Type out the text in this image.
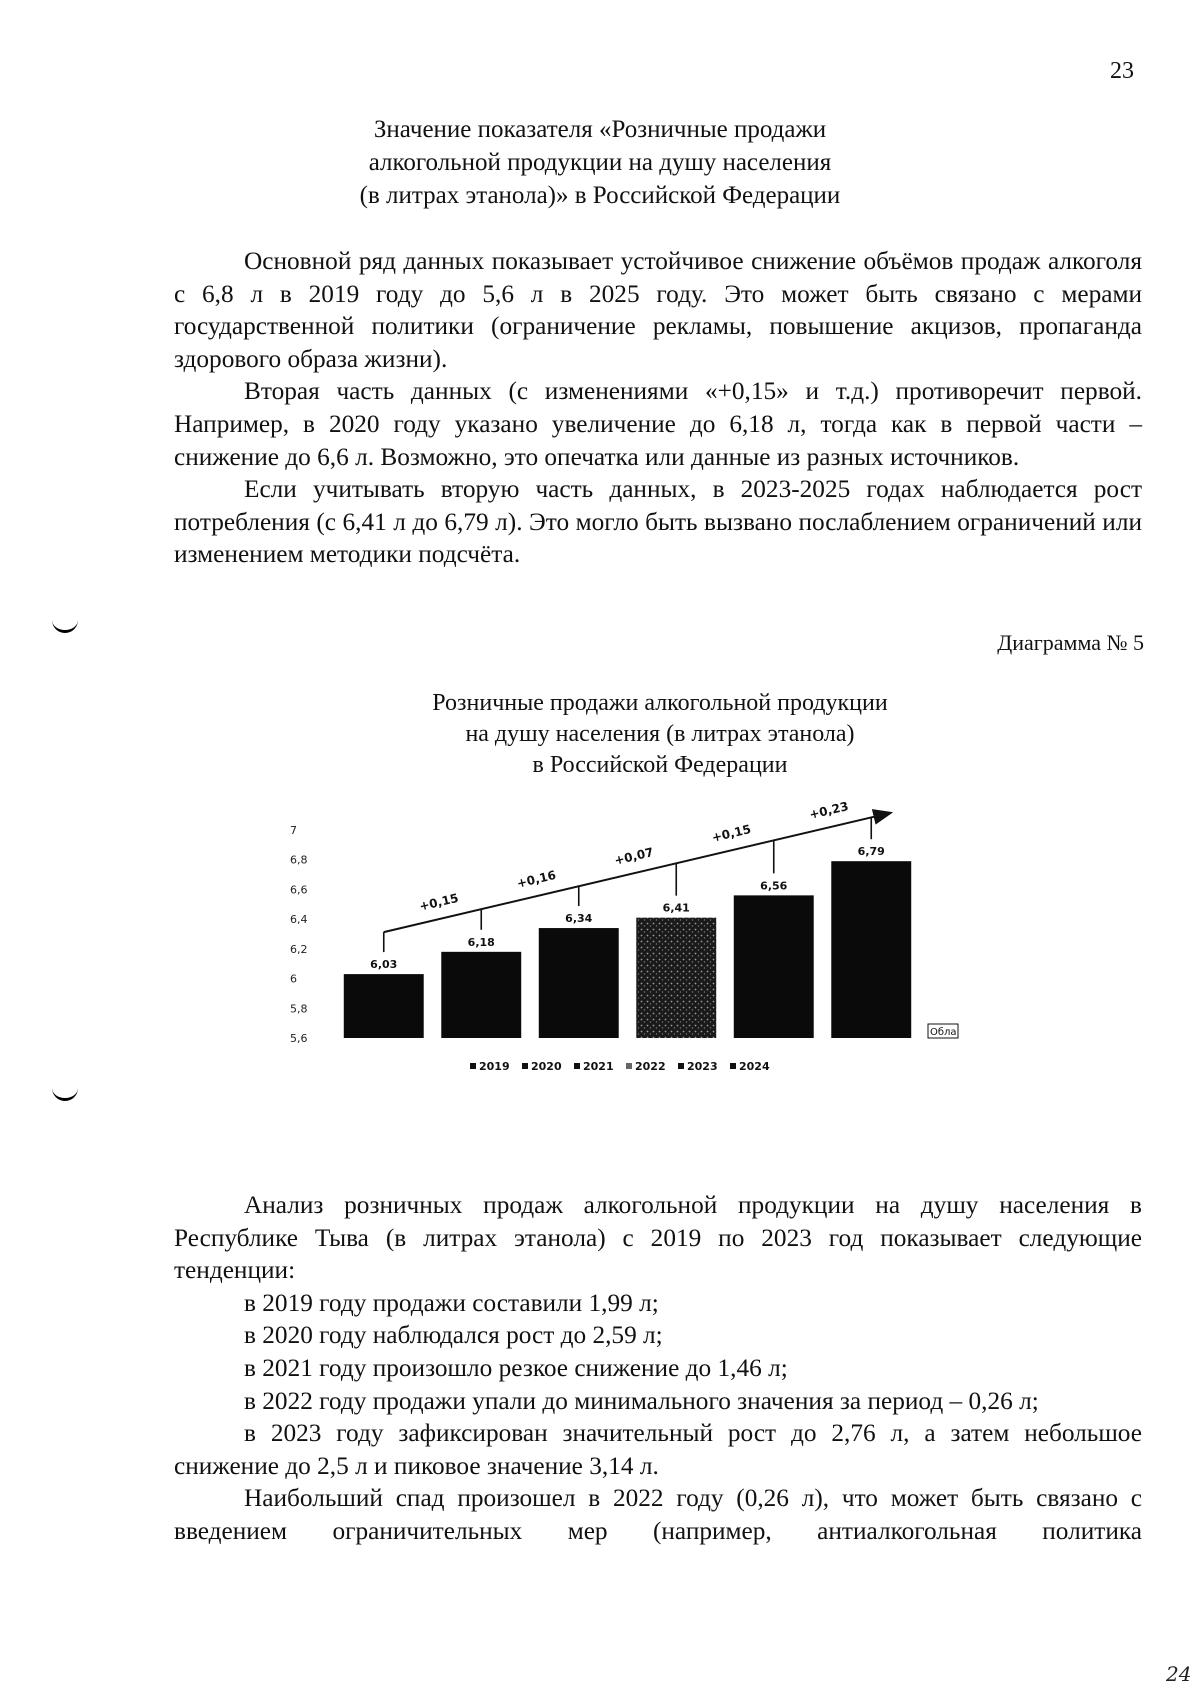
23
Значение показателя «Розничные продажи
алкогольной продукции на душу населения
(в литрах этанола)» в Российской Федерации

Основной ряд данных показывает устойчивое снижение объёмов продаж алкоголя с 6,8 л в 2019 году до 5,6 л в 2025 году. Это может быть связано с мерами государственной политики (ограничение рекламы, повышение акцизов, пропаганда здорового образа жизни).

Вторая часть данных (с изменениями «+0,15» и т.д.) противоречит первой. Например, в 2020 году указано увеличение до 6,18 л, тогда как в первой части – снижение до 6,6 л. Возможно, это опечатка или данные из разных источников.

Если учитывать вторую часть данных, в 2023-2025 годах наблюдается рост потребления (с 6,41 л до 6,79 л). Это могло быть вызвано послаблением ограничений или изменением методики подсчёта.

Диаграмма № 5
Розничные продажи алкогольной продукции
на душу населения (в литрах этанола)
в Российской Федерации
7
6,8
6,6
6,4
6,2
6
5,8
5,6
6,03
6,18
6,34
6,41
6,56
6,79
+0,15
+0,16
+0,07
+0,15
+0,23
Обла
2019 2020 2021 2022 2023 2024

Анализ розничных продаж алкогольной продукции на душу населения в Республике Тыва (в литрах этанола) с 2019 по 2023 год показывает следующие тенденции:

в 2019 году продажи составили 1,99 л;

в 2020 году наблюдался рост до 2,59 л;

в 2021 году произошло резкое снижение до 1,46 л;

в 2022 году продажи упали до минимального значения за период – 0,26 л;

в 2023 году зафиксирован значительный рост до 2,76 л, а затем небольшое снижение до 2,5 л и пиковое значение 3,14 л.

Наибольший спад произошел в 2022 году (0,26 л), что может быть связано с введением ограничительных мер (например, антиалкогольная политика

24
